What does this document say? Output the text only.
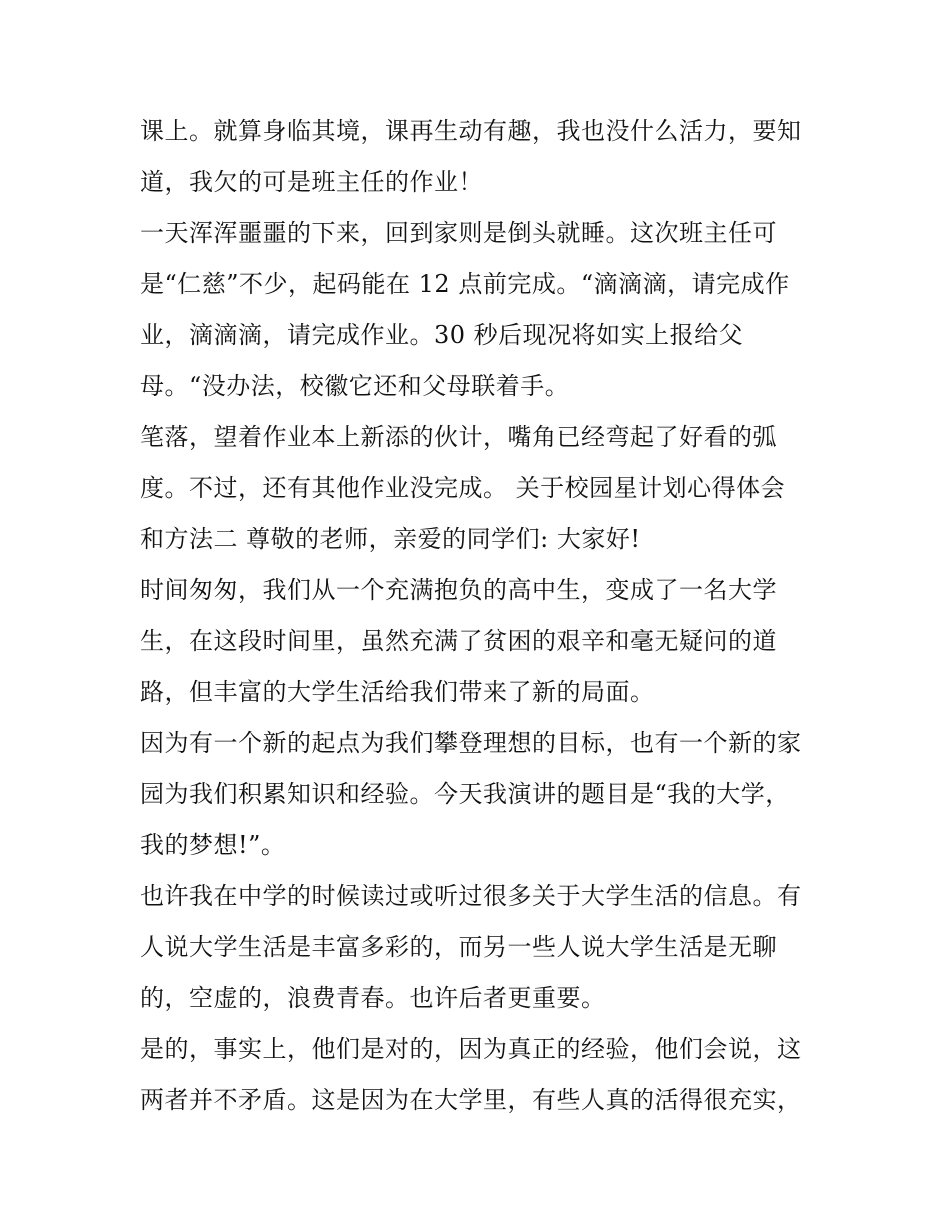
课上。就算身临其境，课再生动有趣，我也没什么活力，要知
道，我欠的可是班主任的作业！
一天浑浑噩噩的下来，回到家则是倒头就睡。这次班主任可
是“仁慈”不少，起码能在 12 点前完成。“滴滴滴，请完成作
业，滴滴滴，请完成作业。30 秒后现况将如实上报给父
母。“没办法，校徽它还和父母联着手。
笔落，望着作业本上新添的伙计，嘴角已经弯起了好看的弧
度。不过，还有其他作业没完成。 关于校园星计划心得体会
和方法二 尊敬的老师，亲爱的同学们: 大家好!
时间匆匆，我们从一个充满抱负的高中生，变成了一名大学
生，在这段时间里，虽然充满了贫困的艰辛和毫无疑问的道
路，但丰富的大学生活给我们带来了新的局面。
因为有一个新的起点为我们攀登理想的目标，也有一个新的家
园为我们积累知识和经验。今天我演讲的题目是“我的大学，
我的梦想!”。
也许我在中学的时候读过或听过很多关于大学生活的信息。有
人说大学生活是丰富多彩的，而另一些人说大学生活是无聊
的，空虚的，浪费青春。也许后者更重要。
是的，事实上，他们是对的，因为真正的经验，他们会说，这
两者并不矛盾。这是因为在大学里，有些人真的活得很充实，
